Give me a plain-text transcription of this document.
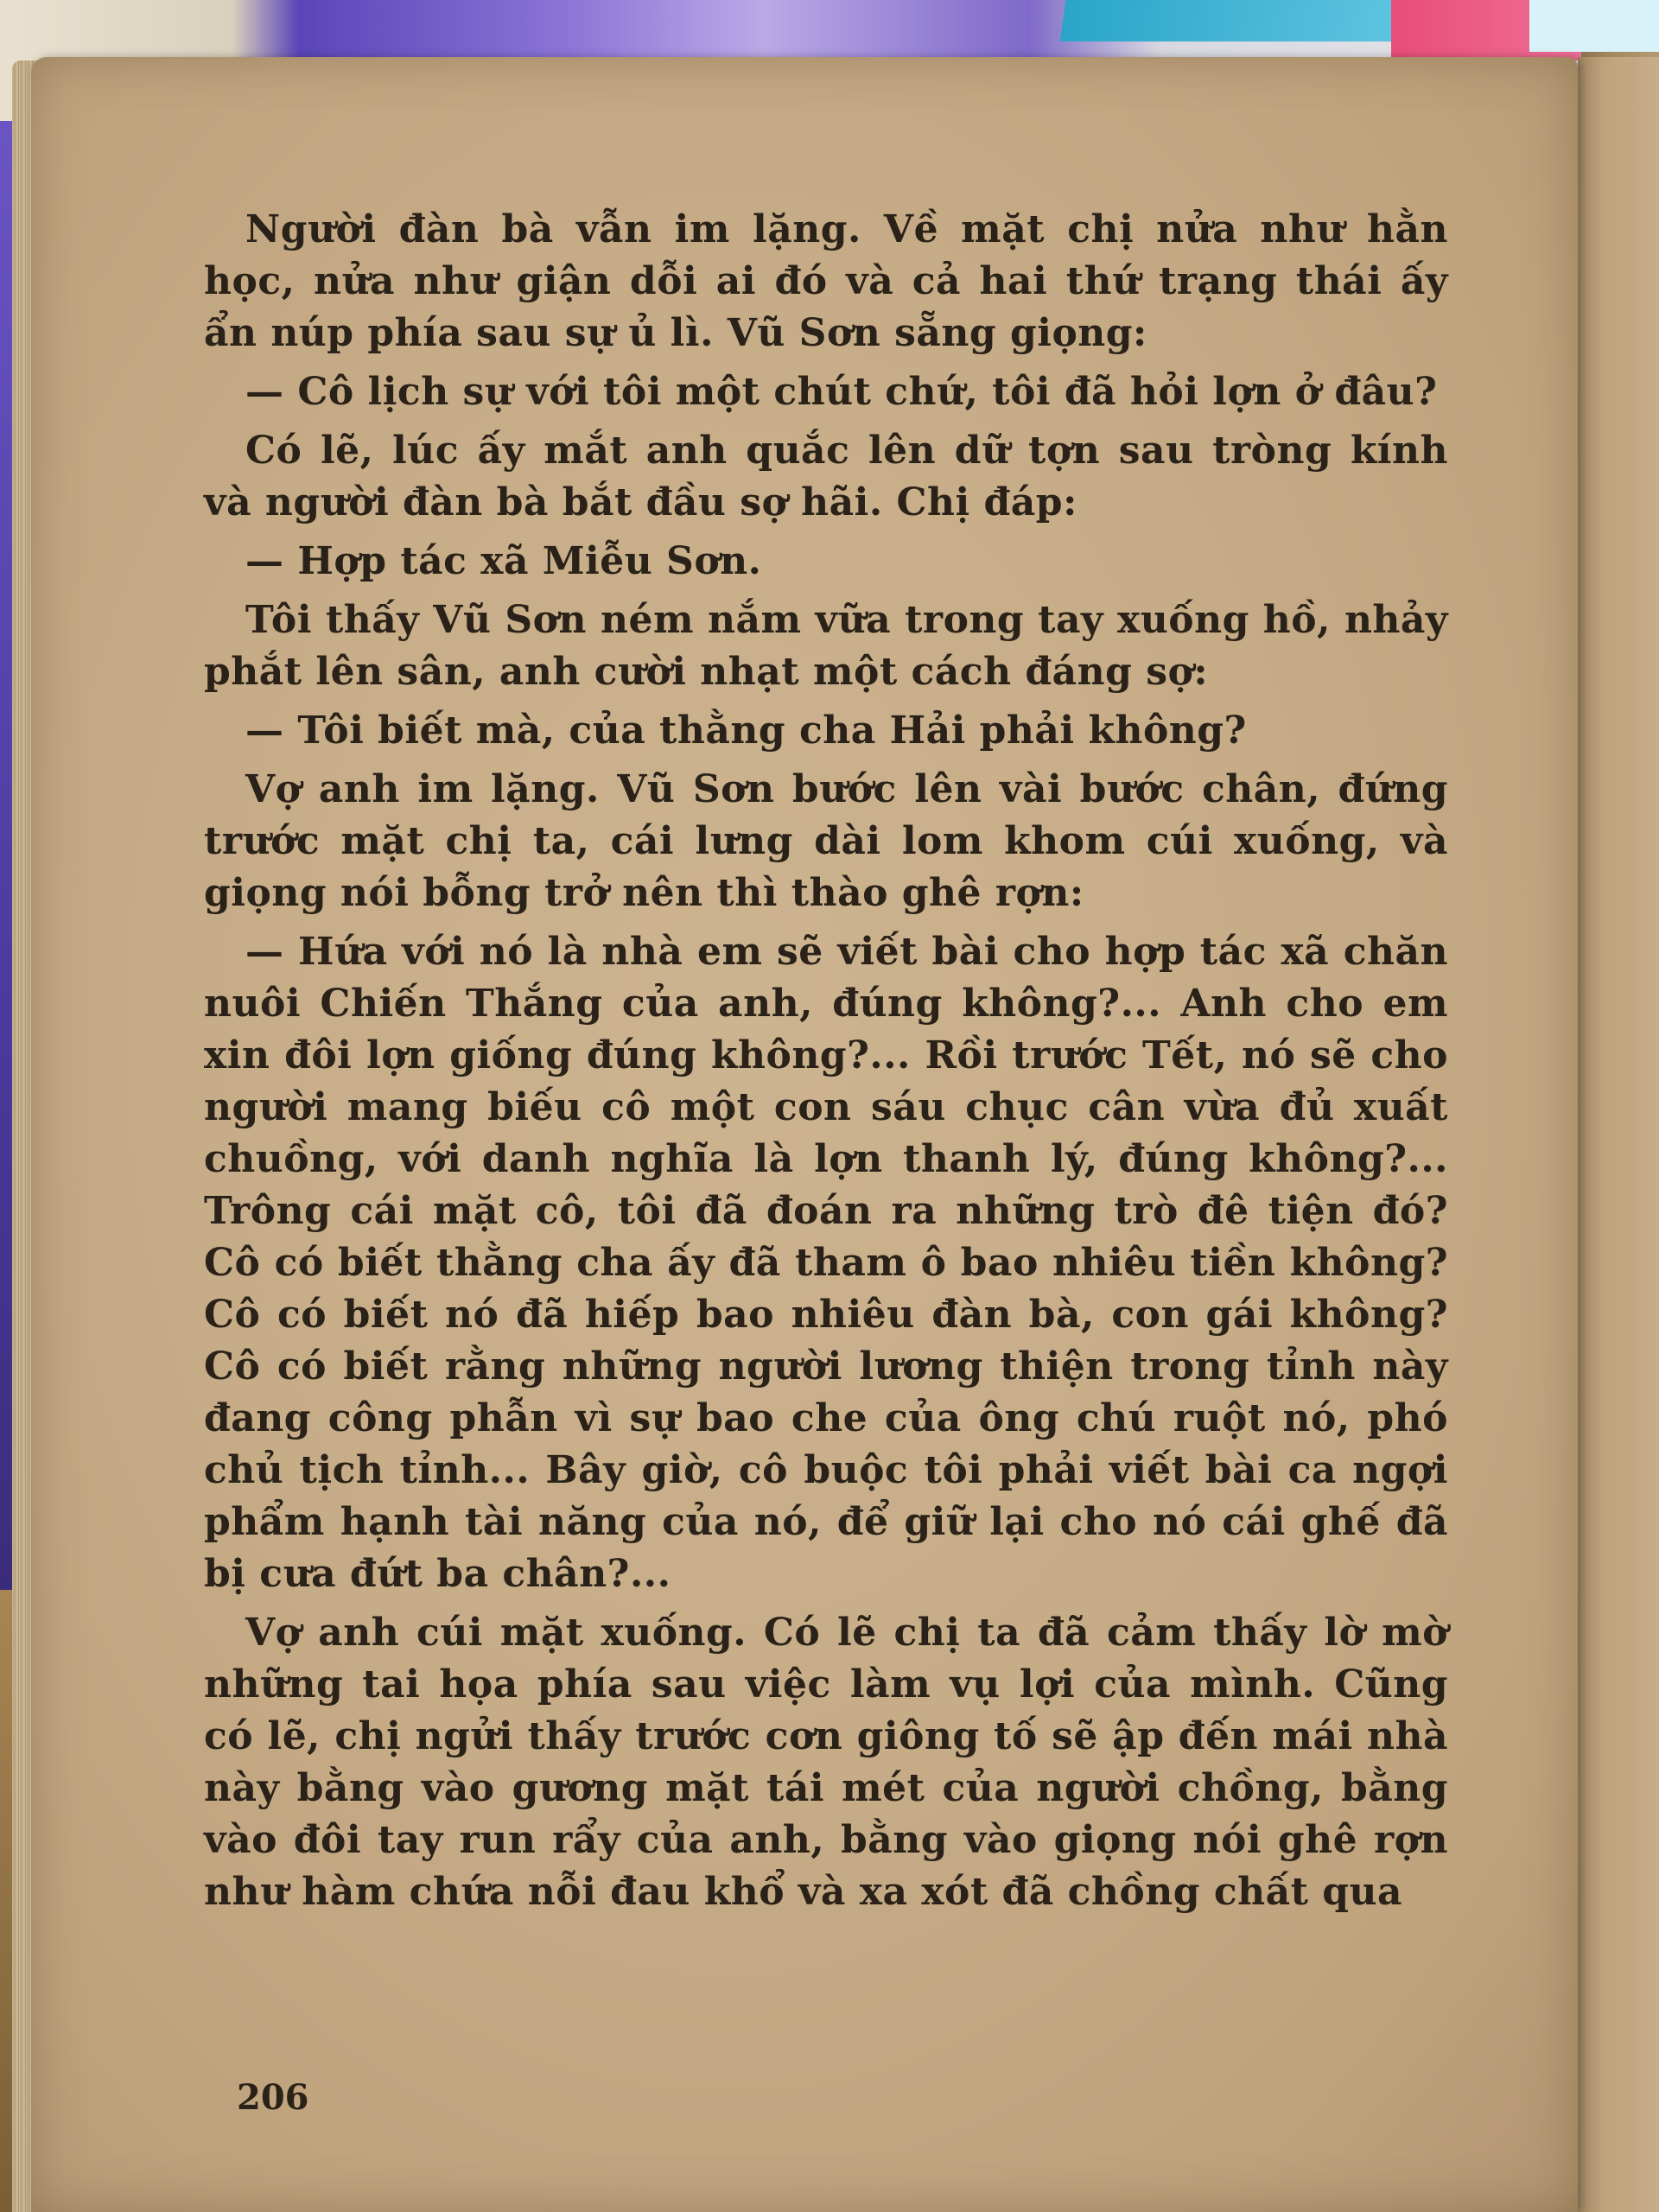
Người đàn bà vẫn im lặng. Về mặt chị nửa như hằn học, nửa như giận dỗi ai đó và cả hai thứ trạng thái ấy ẩn núp phía sau sự ủ lì. Vũ Sơn sẵng giọng:

— Cô lịch sự với tôi một chút chứ, tôi đã hỏi lợn ở đâu?

Có lẽ, lúc ấy mắt anh quắc lên dữ tợn sau tròng kính và người đàn bà bắt đầu sợ hãi. Chị đáp:

— Hợp tác xã Miễu Sơn.

Tôi thấy Vũ Sơn ném nắm vữa trong tay xuống hồ, nhảy phắt lên sân, anh cười nhạt một cách đáng sợ:

— Tôi biết mà, của thằng cha Hải phải không?

Vợ anh im lặng. Vũ Sơn bước lên vài bước chân, đứng trước mặt chị ta, cái lưng dài lom khom cúi xuống, và giọng nói bỗng trở nên thì thào ghê rợn:

— Hứa với nó là nhà em sẽ viết bài cho hợp tác xã chăn nuôi Chiến Thắng của anh, đúng không?... Anh cho em xin đôi lợn giống đúng không?... Rồi trước Tết, nó sẽ cho người mang biếu cô một con sáu chục cân vừa đủ xuất chuồng, với danh nghĩa là lợn thanh lý, đúng không?... Trông cái mặt cô, tôi đã đoán ra những trò đê tiện đó? Cô có biết thằng cha ấy đã tham ô bao nhiêu tiền không? Cô có biết nó đã hiếp bao nhiêu đàn bà, con gái không? Cô có biết rằng những người lương thiện trong tỉnh này đang công phẫn vì sự bao che của ông chú ruột nó, phó chủ tịch tỉnh... Bây giờ, cô buộc tôi phải viết bài ca ngợi phẩm hạnh tài năng của nó, để giữ lại cho nó cái ghế đã bị cưa đứt ba chân?...

Vợ anh cúi mặt xuống. Có lẽ chị ta đã cảm thấy lờ mờ những tai họa phía sau việc làm vụ lợi của mình. Cũng có lẽ, chị ngửi thấy trước cơn giông tố sẽ ập đến mái nhà này bằng vào gương mặt tái mét của người chồng, bằng vào đôi tay run rẩy của anh, bằng vào giọng nói ghê rợn như hàm chứa nỗi đau khổ và xa xót đã chồng chất qua

206
